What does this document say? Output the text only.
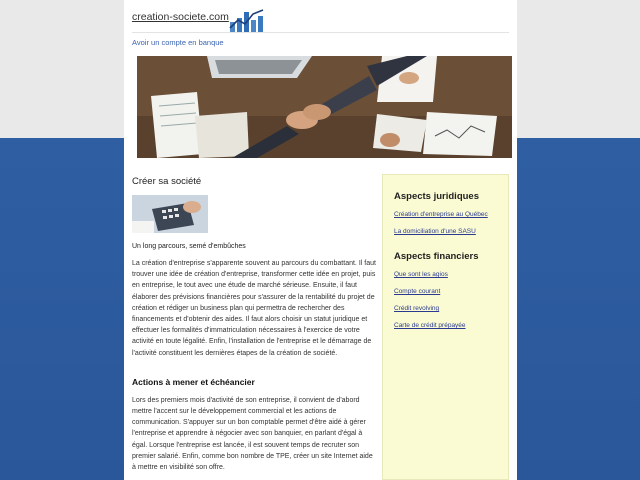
creation-societe.com
Avoir un compte en banque
Créer sa société
Un long parcours, semé d'embûches

La création d'entreprise s'apparente souvent au parcours du combattant. Il faut trouver une idée de création d'entreprise, transformer cette idée en projet, puis en entreprise, le tout avec une étude de marché sérieuse. Ensuite, il faut élaborer des prévisions financières pour s'assurer de la rentabilité du projet de création et rédiger un business plan qui permettra de rechercher des financements et d'obtenir des aides. Il faut alors choisir un statut juridique et effectuer les formalités d'immatriculation nécessaires à l'exercice de votre activité en toute légalité. Enfin, l'installation de l'entreprise et le démarrage de l'activité constituent les dernières étapes de la création de société.

Actions à mener et échéancier

Lors des premiers mois d'activité de son entreprise, il convient de d'abord mettre l'accent sur le développement commercial et les actions de communication. S'appuyer sur un bon comptable permet d'être aidé à gérer l'entreprise et apprendre à négocier avec son banquier, en parlant d'égal à égal. Lorsque l'entreprise est lancée, il est souvent temps de recruter son premier salarié. Enfin, comme bon nombre de TPE, créer un site Internet aide à mettre en visibilité son offre.

Aspects juridiques
Création d'entreprise au Québec
La domiciliation d'une SASU
Aspects financiers
Que sont les agios
Compte courant
Crédit revolving
Carte de crédit prépayée
